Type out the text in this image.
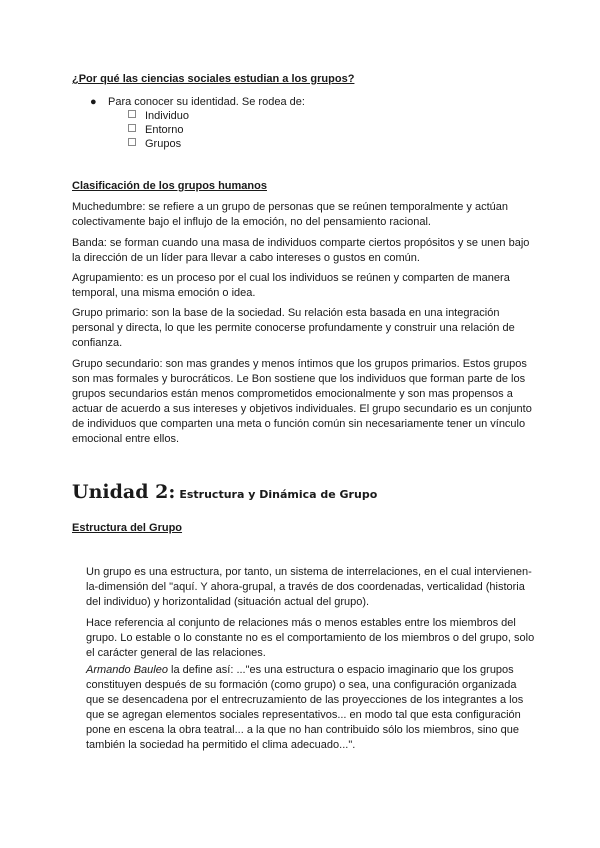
¿Por qué las ciencias sociales estudian a los grupos?
● Para conocer su identidad. Se rodea de:
Individuo
Entorno
Grupos
Clasificación de los grupos humanos

Muchedumbre: se refiere a un grupo de personas que se reúnen temporalmente y actúan colectivamente bajo el influjo de la emoción, no del pensamiento racional.

Banda: se forman cuando una masa de individuos comparte ciertos propósitos y se unen bajo la dirección de un líder para llevar a cabo intereses o gustos en común.

Agrupamiento: es un proceso por el cual los individuos se reúnen y comparten de manera temporal, una misma emoción o idea.

Grupo primario: son la base de la sociedad. Su relación esta basada en una integración personal y directa, lo que les permite conocerse profundamente y construir una relación de confianza.

Grupo secundario: son mas grandes y menos íntimos que los grupos primarios. Estos grupos son mas formales y burocráticos. Le Bon sostiene que los individuos que forman parte de los grupos secundarios están menos comprometidos emocionalmente y son mas propensos a actuar de acuerdo a sus intereses y objetivos individuales. El grupo secundario es un conjunto de individuos que comparten una meta o función común sin necesariamente tener un vínculo emocional entre ellos.

Unidad 2: Estructura y Dinámica de Grupo
Estructura del Grupo

Un grupo es una estructura, por tanto, un sistema de interrelaciones, en el cual intervienen-la-dimensión del "aquí. Y ahora-grupal, a través de dos coordenadas, verticalidad (historia del individuo) y horizontalidad (situación actual del grupo).

Hace referencia al conjunto de relaciones más o menos estables entre los miembros del grupo. Lo estable o lo constante no es el comportamiento de los miembros o del grupo, solo el carácter general de las relaciones.

Armando Bauleo la define así: ..."es una estructura o espacio imaginario que los grupos constituyen después de su formación (como grupo) o sea, una configuración organizada que se desencadena por el entrecruzamiento de las proyecciones de los integrantes a los que se agregan elementos sociales representativos... en modo tal que esta configuración pone en escena la obra teatral... a la que no han contribuido sólo los miembros, sino que también la sociedad ha permitido el clima adecuado...".
